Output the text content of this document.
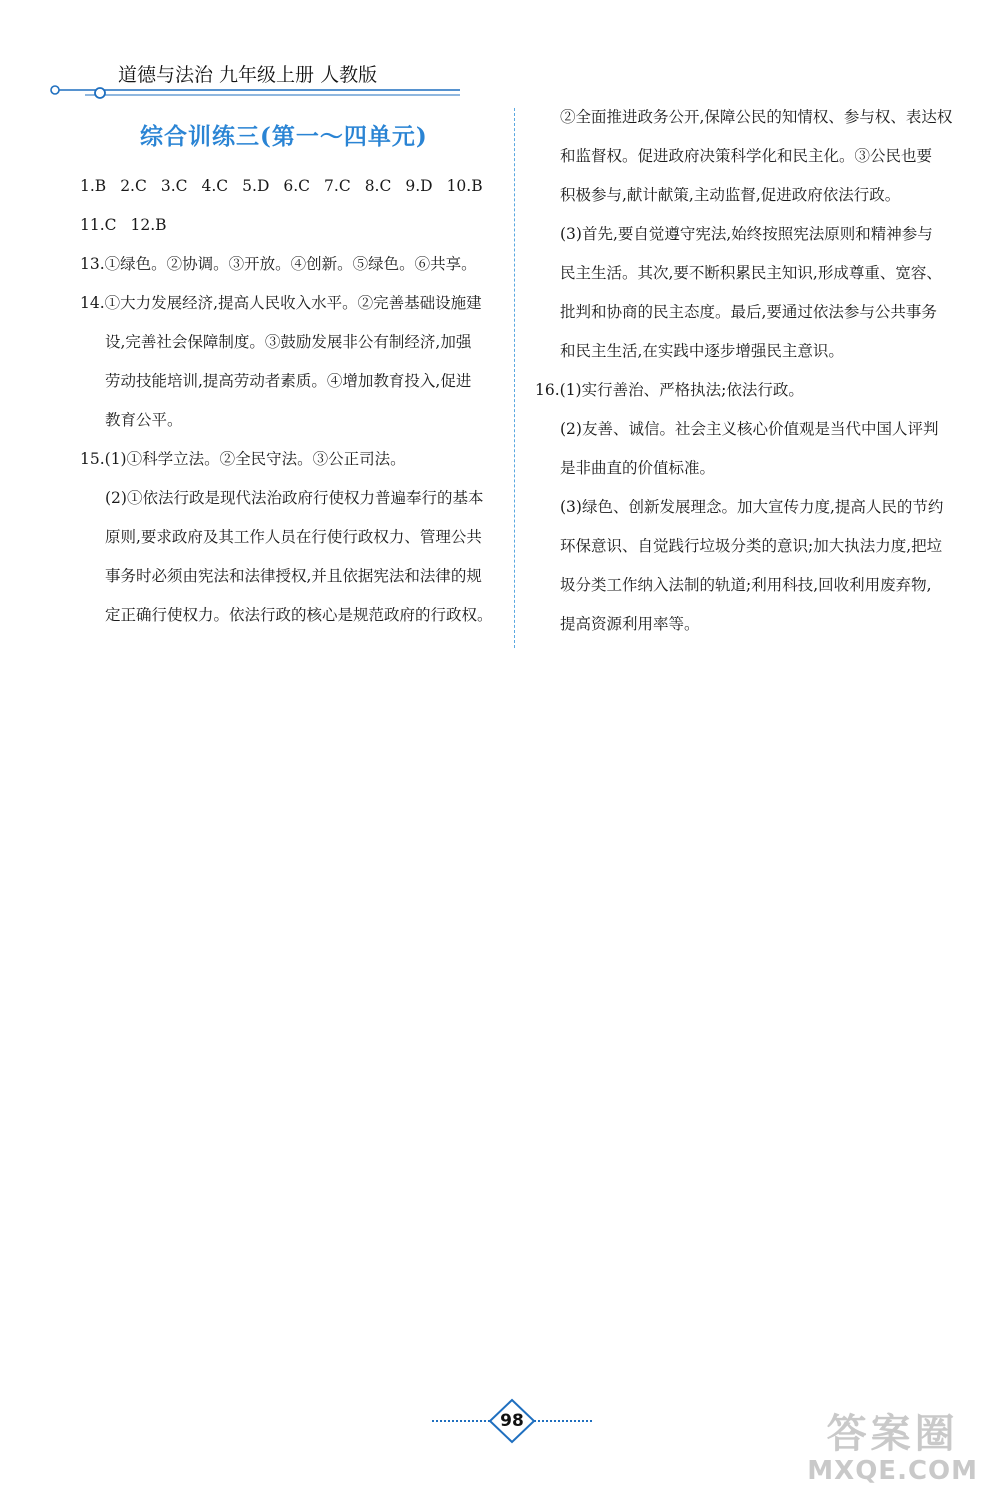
道德与法治 九年级上册 人教版
综合训练三(第一～四单元)
1.B 2.C 3.C 4.C 5.D 6.C 7.C 8.C 9.D 10.B
11.C 12.B
13.①绿色。②协调。③开放。④创新。⑤绿色。⑥共享。
14.①大力发展经济,提高人民收入水平。②完善基础设施建
设,完善社会保障制度。③鼓励发展非公有制经济,加强
劳动技能培训,提高劳动者素质。④增加教育投入,促进
教育公平。
15.(1)①科学立法。②全民守法。③公正司法。
(2)①依法行政是现代法治政府行使权力普遍奉行的基本
原则,要求政府及其工作人员在行使行政权力、管理公共
事务时必须由宪法和法律授权,并且依据宪法和法律的规
定正确行使权力。依法行政的核心是规范政府的行政权。
②全面推进政务公开,保障公民的知情权、参与权、表达权
和监督权。促进政府决策科学化和民主化。③公民也要
积极参与,献计献策,主动监督,促进政府依法行政。
(3)首先,要自觉遵守宪法,始终按照宪法原则和精神参与
民主生活。其次,要不断积累民主知识,形成尊重、宽容、
批判和协商的民主态度。最后,要通过依法参与公共事务
和民主生活,在实践中逐步增强民主意识。
16.(1)实行善治、严格执法;依法行政。
(2)友善、诚信。社会主义核心价值观是当代中国人评判
是非曲直的价值标准。
(3)绿色、创新发展理念。加大宣传力度,提高人民的节约
环保意识、自觉践行垃圾分类的意识;加大执法力度,把垃
圾分类工作纳入法制的轨道;利用科技,回收利用废弃物,
提高资源利用率等。
98	答案圈
MXQE.COM
